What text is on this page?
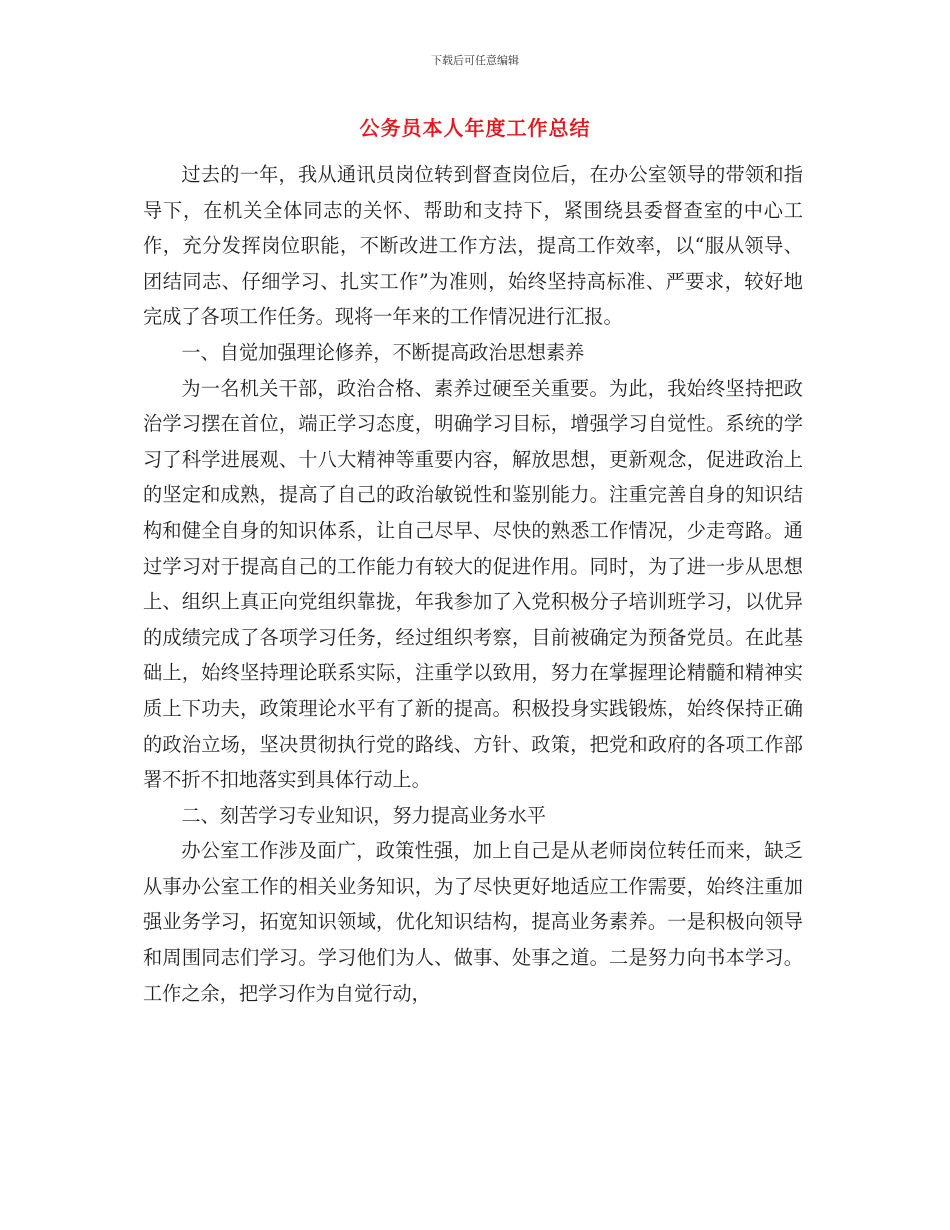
下载后可任意编辑
公务员本人年度工作总结

过去的一年，我从通讯员岗位转到督查岗位后，在办公室领导的带领和指导下，在机关全体同志的关怀、帮助和支持下，紧围绕县委督查室的中心工作，充分发挥岗位职能，不断改进工作方法，提高工作效率，以“服从领导、团结同志、仔细学习、扎实工作”为准则，始终坚持高标准、严要求，较好地完成了各项工作任务。现将一年来的工作情况进行汇报。

一、自觉加强理论修养，不断提高政治思想素养

为一名机关干部，政治合格、素养过硬至关重要。为此，我始终坚持把政治学习摆在首位，端正学习态度，明确学习目标，增强学习自觉性。系统的学习了科学进展观、十八大精神等重要内容，解放思想，更新观念，促进政治上的坚定和成熟，提高了自己的政治敏锐性和鉴别能力。注重完善自身的知识结构和健全自身的知识体系，让自己尽早、尽快的熟悉工作情况，少走弯路。通过学习对于提高自己的工作能力有较大的促进作用。同时，为了进一步从思想上、组织上真正向党组织靠拢，年我参加了入党积极分子培训班学习，以优异的成绩完成了各项学习任务，经过组织考察，目前被确定为预备党员。在此基础上，始终坚持理论联系实际，注重学以致用，努力在掌握理论精髓和精神实质上下功夫，政策理论水平有了新的提高。积极投身实践锻炼，始终保持正确的政治立场，坚决贯彻执行党的路线、方针、政策，把党和政府的各项工作部署不折不扣地落实到具体行动上。

二、刻苦学习专业知识，努力提高业务水平

办公室工作涉及面广，政策性强，加上自己是从老师岗位转任而来，缺乏从事办公室工作的相关业务知识，为了尽快更好地适应工作需要，始终注重加强业务学习，拓宽知识领域，优化知识结构，提高业务素养。一是积极向领导和周围同志们学习。学习他们为人、做事、处事之道。二是努力向书本学习。工作之余，把学习作为自觉行动，
